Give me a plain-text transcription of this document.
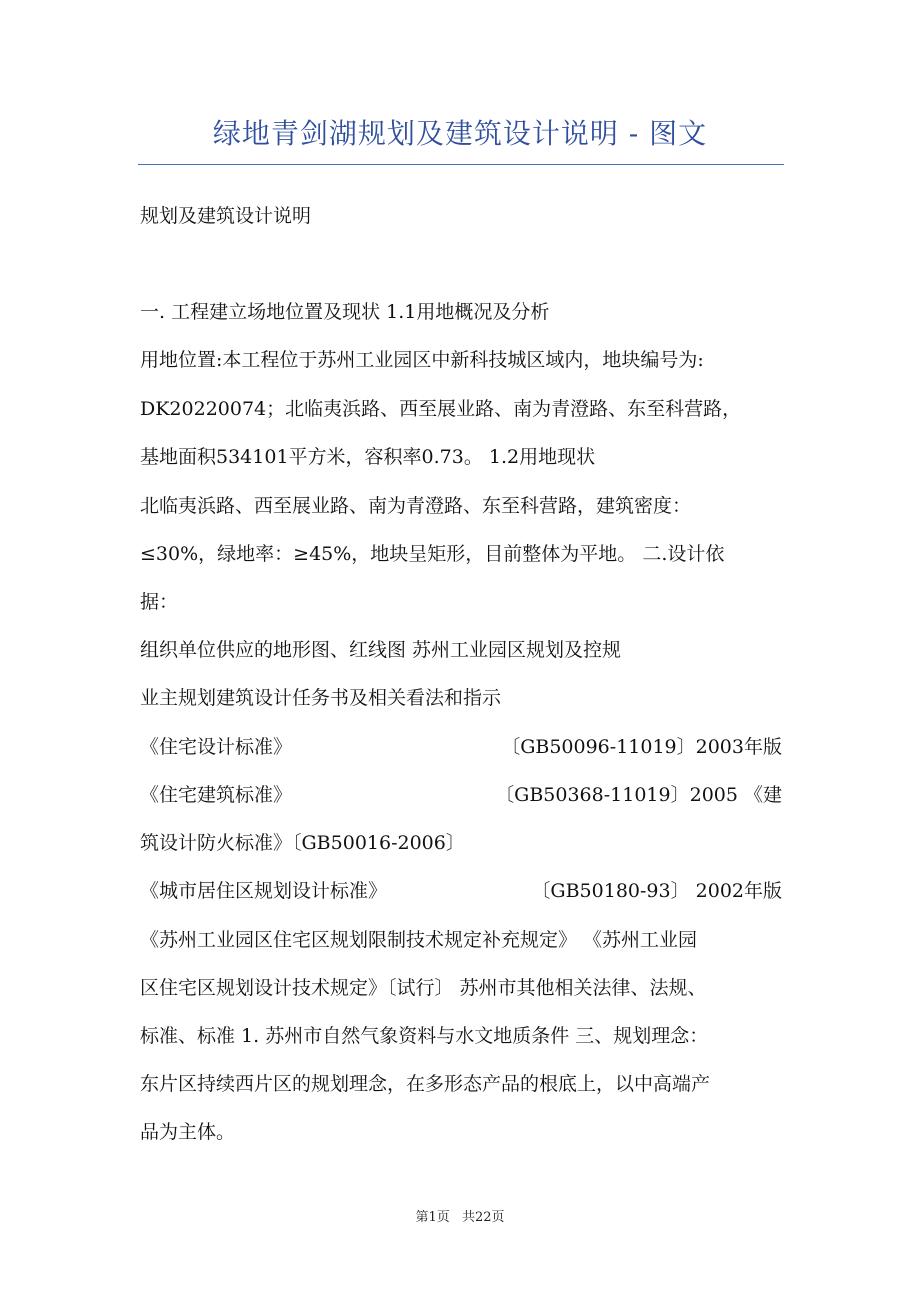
绿地青剑湖规划及建筑设计说明 - 图文
规划及建筑设计说明
一. 工程建立场地位置及现状 1.1用地概况及分析
用地位置:本工程位于苏州工业园区中新科技城区域内，地块编号为:
DK20220074；北临夷浜路、西至展业路、南为青澄路、东至科营路，
基地面积534101平方米，容积率0.73。 1.2用地现状
北临夷浜路、西至展业路、南为青澄路、东至科营路，建筑密度：
≤30%，绿地率：≥45%，地块呈矩形，目前整体为平地。 二.设计依
据：
组织单位供应的地形图、红线图 苏州工业园区规划及控规
业主规划建筑设计任务书及相关看法和指示
《住宅设计标准》	〔GB50096-11019〕2003年版
《住宅建筑标准》	〔GB50368-11019〕2005 《建
筑设计防火标准》〔GB50016-2006〕
《城市居住区规划设计标准》	〔GB50180-93〕 2002年版
《苏州工业园区住宅区规划限制技术规定补充规定》 《苏州工业园
区住宅区规划设计技术规定》〔试行〕 苏州市其他相关法律、法规、
标准、标准 1. 苏州市自然气象资料与水文地质条件 三、规划理念：
东片区持续西片区的规划理念，在多形态产品的根底上，以中高端产
品为主体。
第1页 共22页
